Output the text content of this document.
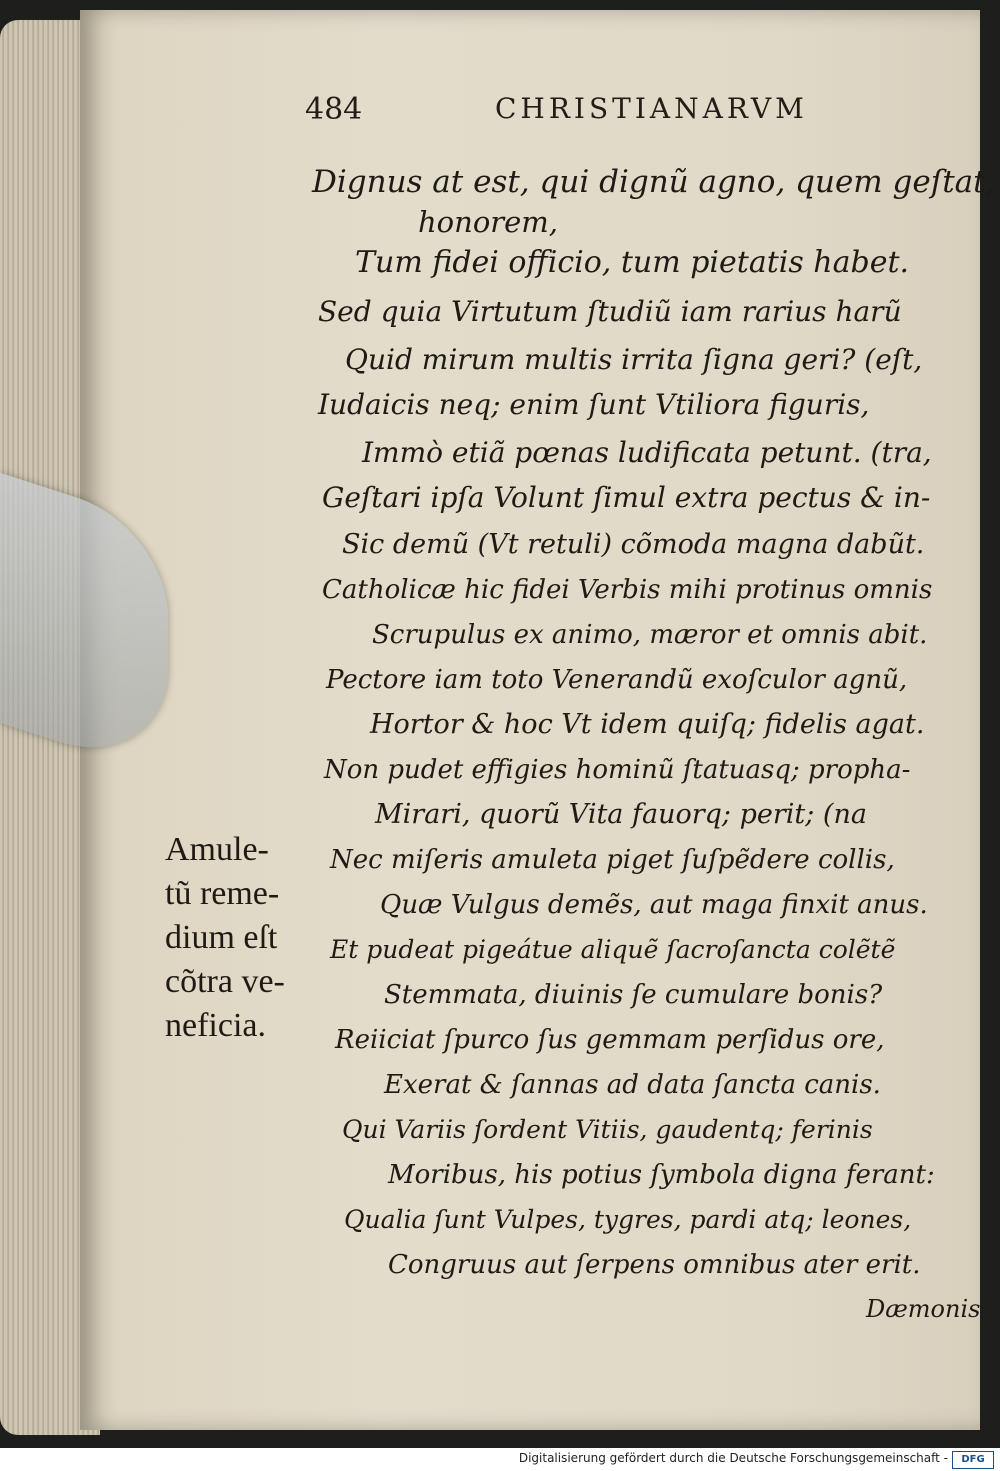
484	CHRISTIANARVM
Dignus at est, qui dignũ agno, quem geſtat,
honorem,
Tum fidei officio, tum pietatis habet.
Sed quia Virtutum ſtudiũ iam rarius harũ
Quid mirum multis irrita ſigna geri? (eſt,
Iudaicis neq; enim ſunt Vtiliora figuris,
Immò etiã pœnas ludificata petunt. (tra,
Geſtari ipſa Volunt ſimul extra pectus & in-
Sic demũ (Vt retuli) cõmoda magna dabũt.
Catholicæ hic fidei Verbis mihi protinus omnis
Scrupulus ex animo, mæror et omnis abit.
Pectore iam toto Venerandũ exoſculor agnũ,
Hortor & hoc Vt idem quiſq; fidelis agat.
Non pudet effigies hominũ ſtatuasq; propha-
Mirari, quorũ Vita fauorq; perit; (na
Nec miſeris amuleta piget ſuſpẽdere collis,
Quæ Vulgus demẽs, aut maga finxit anus.
Et pudeat pigeátue aliquẽ ſacroſancta colẽtẽ
Stemmata, diuinis ſe cumulare bonis?
Reiiciat ſpurco ſus gemmam perſidus ore,
Exerat & ſannas ad data ſancta canis.
Qui Variis ſordent Vitiis, gaudentq; ferinis
Moribus, his potius ſymbola digna ferant:
Qualia ſunt Vulpes, tygres, pardi atq; leones,
Congruus aut ſerpens omnibus ater erit.
Amule-
tũ reme-
dium eſt
cõtra ve-
neficia.
Dæmonis
Digitalisierung gefördert durch die Deutsche Forschungsgemeinschaft -	DFG
